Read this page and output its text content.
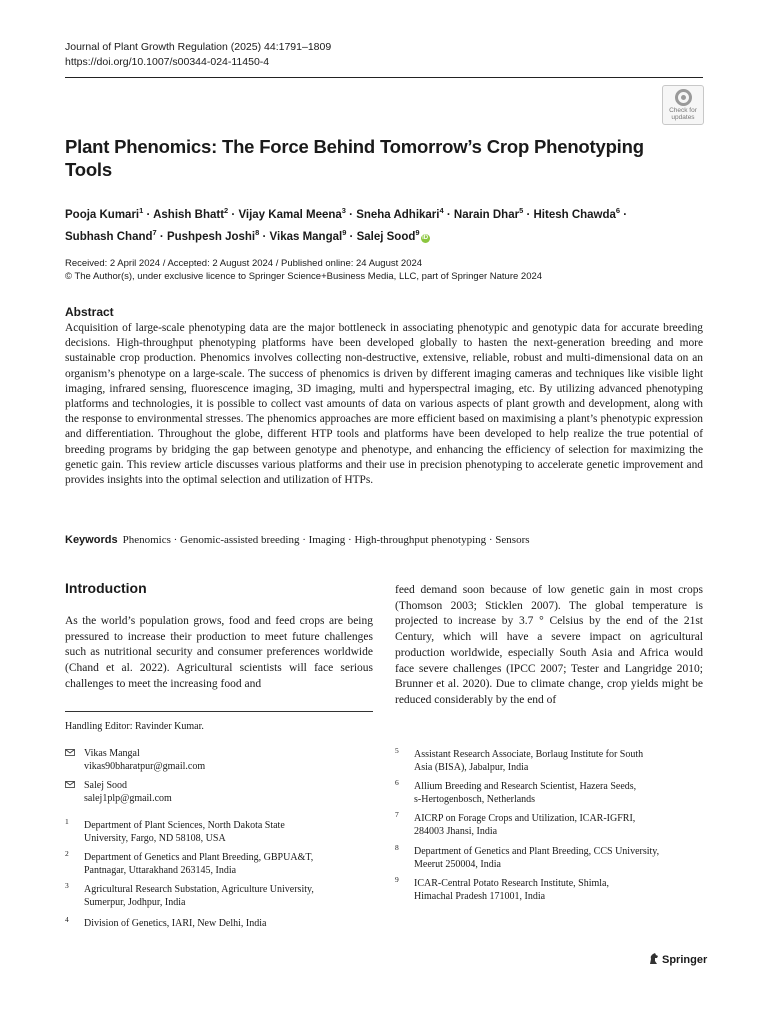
Journal of Plant Growth Regulation (2025) 44:1791–1809
https://doi.org/10.1007/s00344-024-11450-4
Check for
updates
Plant Phenomics: The Force Behind Tomorrow’s Crop Phenotyping Tools
Pooja Kumari$^1$ · Ashish Bhatt$^2$ · Vijay Kamal Meena$^3$ · Sneha Adhikari$^4$ · Narain Dhar$^5$ · Hitesh Chawda$^6$ ·
Subhash Chand$^7$ · Pushpesh Joshi$^8$ · Vikas Mangal$^9$ · Salej Sood$^9$iD
Received: 2 April 2024 / Accepted: 2 August 2024 / Published online: 24 August 2024
© The Author(s), under exclusive licence to Springer Science+Business Media, LLC, part of Springer Nature 2024
Abstract
Acquisition of large-scale phenotyping data are the major bottleneck in associating phenotypic and genotypic data for accurate breeding decisions. High-throughput phenotyping platforms have been developed globally to hasten the next-generation breeding and more sustainable crop production. Phenomics involves collecting non-destructive, extensive, reliable, robust and multi-dimensional data on an organism’s phenotype on a large-scale. The success of phenomics is driven by different imaging cameras and techniques like visible light imaging, infrared sensing, fluorescence imaging, 3D imaging, multi and hyperspectral imaging, etc. By utilizing advanced phenotyping platforms and technologies, it is possible to collect vast amounts of data on various aspects of plant growth and development, along with the response to environmental stresses. The phenomics approaches are more efficient based on maximising a plant’s phenotypic expression and differentiation. Throughout the globe, different HTP tools and platforms have been developed to help realize the true potential of breeding programs by bridging the gap between genotype and phenotype, and enhancing the efficiency of selection for maximizing the genetic gain. This review article discusses various platforms and their use in precision phenotyping to accelerate genetic improvement and provides insights into the optimal selection and utilization of HTPs.
Keywords Phenomics · Genomic-assisted breeding · Imaging · High-throughput phenotyping · Sensors
Introduction
As the world’s population grows, food and feed crops are being pressured to increase their production to meet future challenges such as nutritional security and consumer preferences worldwide (Chand et al. 2022). Agricultural scientists will face serious challenges to meet the increasing food and
feed demand soon because of low genetic gain in most crops (Thomson 2003; Sticklen 2007). The global temperature is projected to increase by 3.7 ° Celsius by the end of the 21st Century, which will have a severe impact on agricultural production worldwide, especially South Asia and Africa would face severe challenges (IPCC 2007; Tester and Langridge 2010; Brunner et al. 2020). Due to climate change, crop yields might be reduced considerably by the end of
Handling Editor: Ravinder Kumar.
Vikas Mangal
vikas90bharatpur@gmail.com
Salej Sood
salej1plp@gmail.com
1 Department of Plant Sciences, North Dakota State
University, Fargo, ND 58108, USA
2 Department of Genetics and Plant Breeding, GBPUA&T,
Pantnagar, Uttarakhand 263145, India
3 Agricultural Research Substation, Agriculture University,
Sumerpur, Jodhpur, India
4 Division of Genetics, IARI, New Delhi, India
5 Assistant Research Associate, Borlaug Institute for South
Asia (BISA), Jabalpur, India
6 Allium Breeding and Research Scientist, Hazera Seeds,
s-Hertogenbosch, Netherlands
7 AICRP on Forage Crops and Utilization, ICAR-IGFRI,
284003 Jhansi, India
8 Department of Genetics and Plant Breeding, CCS University,
Meerut 250004, India
9 ICAR-Central Potato Research Institute, Shimla,
Himachal Pradesh 171001, India
Springer
